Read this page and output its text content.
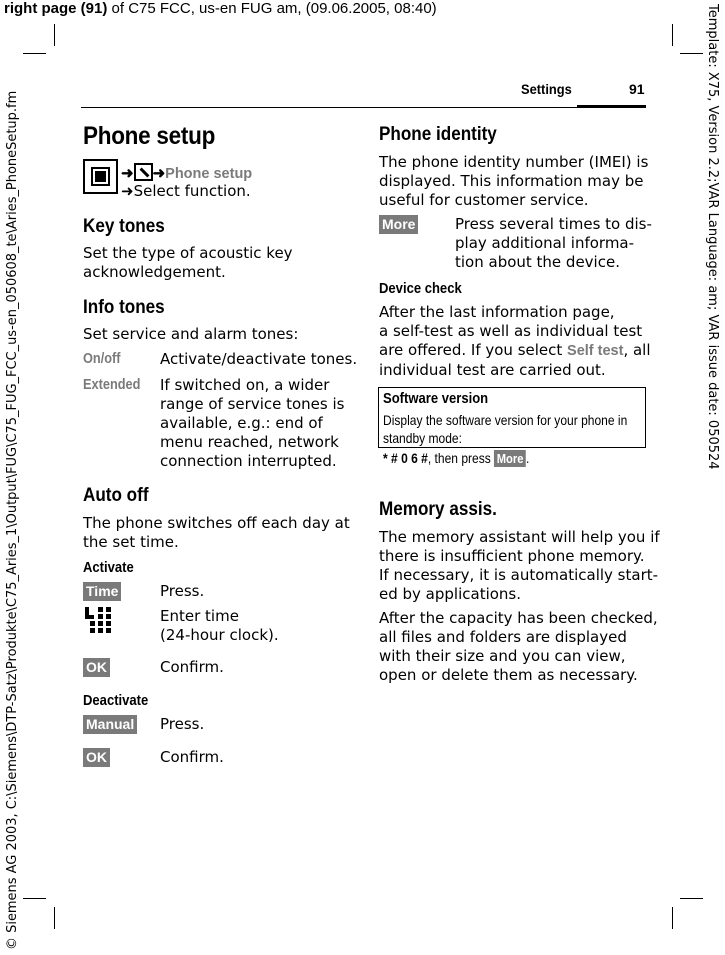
right page (91) of C75 FCC, us-en FUG am, (09.06.2005, 08:40)
© Siemens AG 2003, C:\Siemens\DTP-Satz\Produkte\C75_Aries_1\Output\FUG\C75_FUG_FCC_us-en_050608_te\Aries_PhoneSetup.fm	Template: X75, Version 2.2;VAR Language: am; VAR issue date: 050524
Settings	91
Phone setup
➜ ➜Phone setup
➜Select function.
Key tones
Set the type of acoustic key
acknowledgement.
Info tones
Set service and alarm tones:
On/off	Activate/deactivate tones.
Extended If switched on, a wider
range of service tones is
available, e.g.: end of
menu reached, network
connection interrupted.
Auto off
The phone switches off each day at
the set time.
Activate
Time	Press.
Enter time
(24-hour clock).
OK	Confirm.
Deactivate
Manual Press.
OK	Confirm.
Phone identity
The phone identity number (IMEI) is
displayed. This information may be
useful for customer service.
More	Press several times to dis-
play additional informa-
tion about the device.
Device check
After the last information page,
a self-test as well as individual test
are offered. If you select Self test, all
individual test are carried out.
Software version
Display the software version for your phone in standby mode:
* # 0 6 #, then press More .
Memory assis.
The memory assistant will help you if
there is insufficient phone memory.
If necessary, it is automatically start-
ed by applications.
After the capacity has been checked,
all files and folders are displayed
with their size and you can view,
open or delete them as necessary.
